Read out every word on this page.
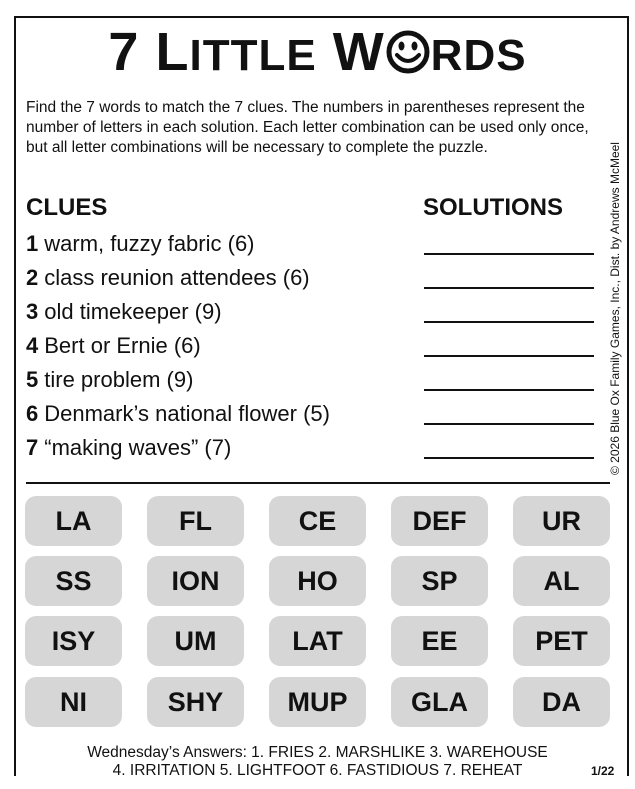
7 LITTLE W RDS
Find the 7 words to match the 7 clues. The numbers in parentheses represent the number of letters in each solution. Each letter combination can be used only once, but all letter combinations will be necessary to complete the puzzle.	© 2026 Blue Ox Family Games, Inc., Dist. by Andrews McMeel
CLUES	SOLUTIONS
1 warm, fuzzy fabric (6)
2 class reunion attendees (6)
3 old timekeeper (9)
4 Bert or Ernie (6)
5 tire problem (9)
6 Denmark’s national flower (5)
7 “making waves” (7)
LA	FL	CE	DEF	UR
SS	ION	HO	SP	AL
ISY	UM	LAT	EE	PET
NI	SHY	MUP	GLA	DA
Wednesday’s Answers: 1. FRIES 2. MARSHLIKE 3. WAREHOUSE
4. IRRITATION 5. LIGHTFOOT 6. FASTIDIOUS 7. REHEAT	1/22
